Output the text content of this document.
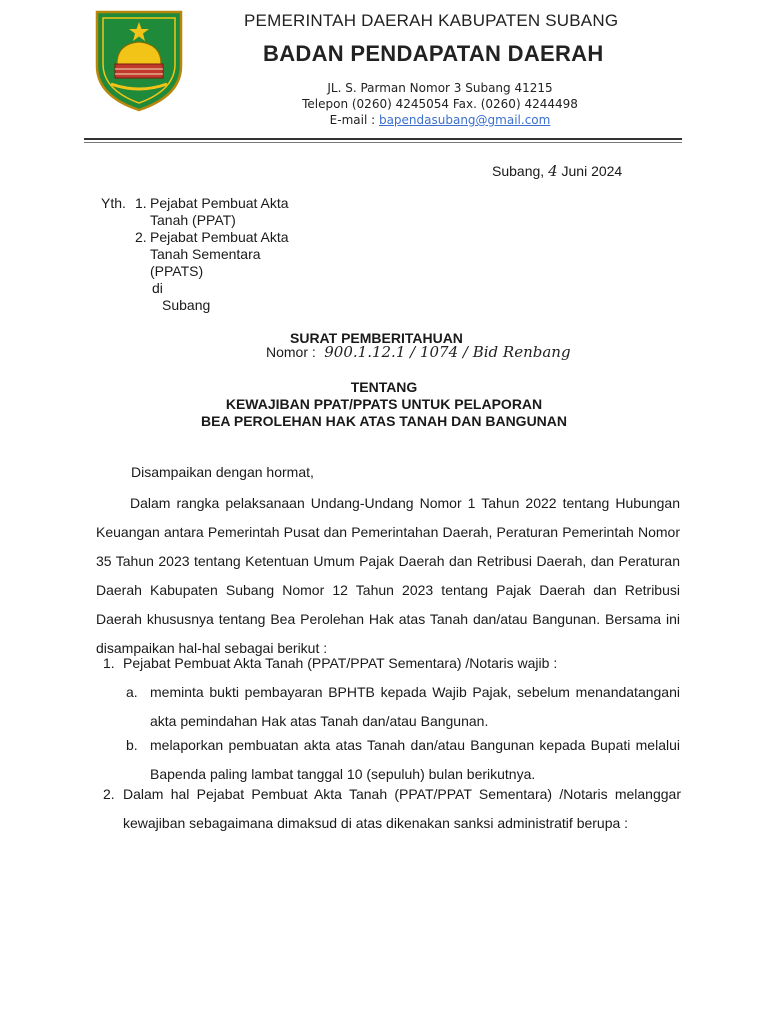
PEMERINTAH DAERAH KABUPATEN SUBANG
BADAN PENDAPATAN DAERAH
JL. S. Parman Nomor 3 Subang 41215
Telepon (0260) 4245054 Fax. (0260) 4244498
E-mail : bapendasubang@gmail.com
Subang, 4 Juni 2024
Yth. 1. Pejabat Pembuat Akta
Tanah (PPAT)
2. Pejabat Pembuat Akta
Tanah Sementara
(PPATS)
di
Subang
SURAT PEMBERITAHUAN
Nomor : 900.1.12.1 / 1074 / Bid Renbang
TENTANG
KEWAJIBAN PPAT/PPATS UNTUK PELAPORAN
BEA PEROLEHAN HAK ATAS TANAH DAN BANGUNAN
Disampaikan dengan hormat,
Dalam rangka pelaksanaan Undang-Undang Nomor 1 Tahun 2022 tentang Hubungan Keuangan antara Pemerintah Pusat dan Pemerintahan Daerah, Peraturan Pemerintah Nomor 35 Tahun 2023 tentang Ketentuan Umum Pajak Daerah dan Retribusi Daerah, dan Peraturan Daerah Kabupaten Subang Nomor 12 Tahun 2023 tentang Pajak Daerah dan Retribusi Daerah khususnya tentang Bea Perolehan Hak atas Tanah dan/atau Bangunan. Bersama ini disampaikan hal-hal sebagai berikut :
1. Pejabat Pembuat Akta Tanah (PPAT/PPAT Sementara) /Notaris wajib :
a. meminta bukti pembayaran BPHTB kepada Wajib Pajak, sebelum menandatangani akta pemindahan Hak atas Tanah dan/atau Bangunan.
b. melaporkan pembuatan akta atas Tanah dan/atau Bangunan kepada Bupati melalui Bapenda paling lambat tanggal 10 (sepuluh) bulan berikutnya.
2. Dalam hal Pejabat Pembuat Akta Tanah (PPAT/PPAT Sementara) /Notaris melanggar kewajiban sebagaimana dimaksud di atas dikenakan sanksi administratif berupa :
